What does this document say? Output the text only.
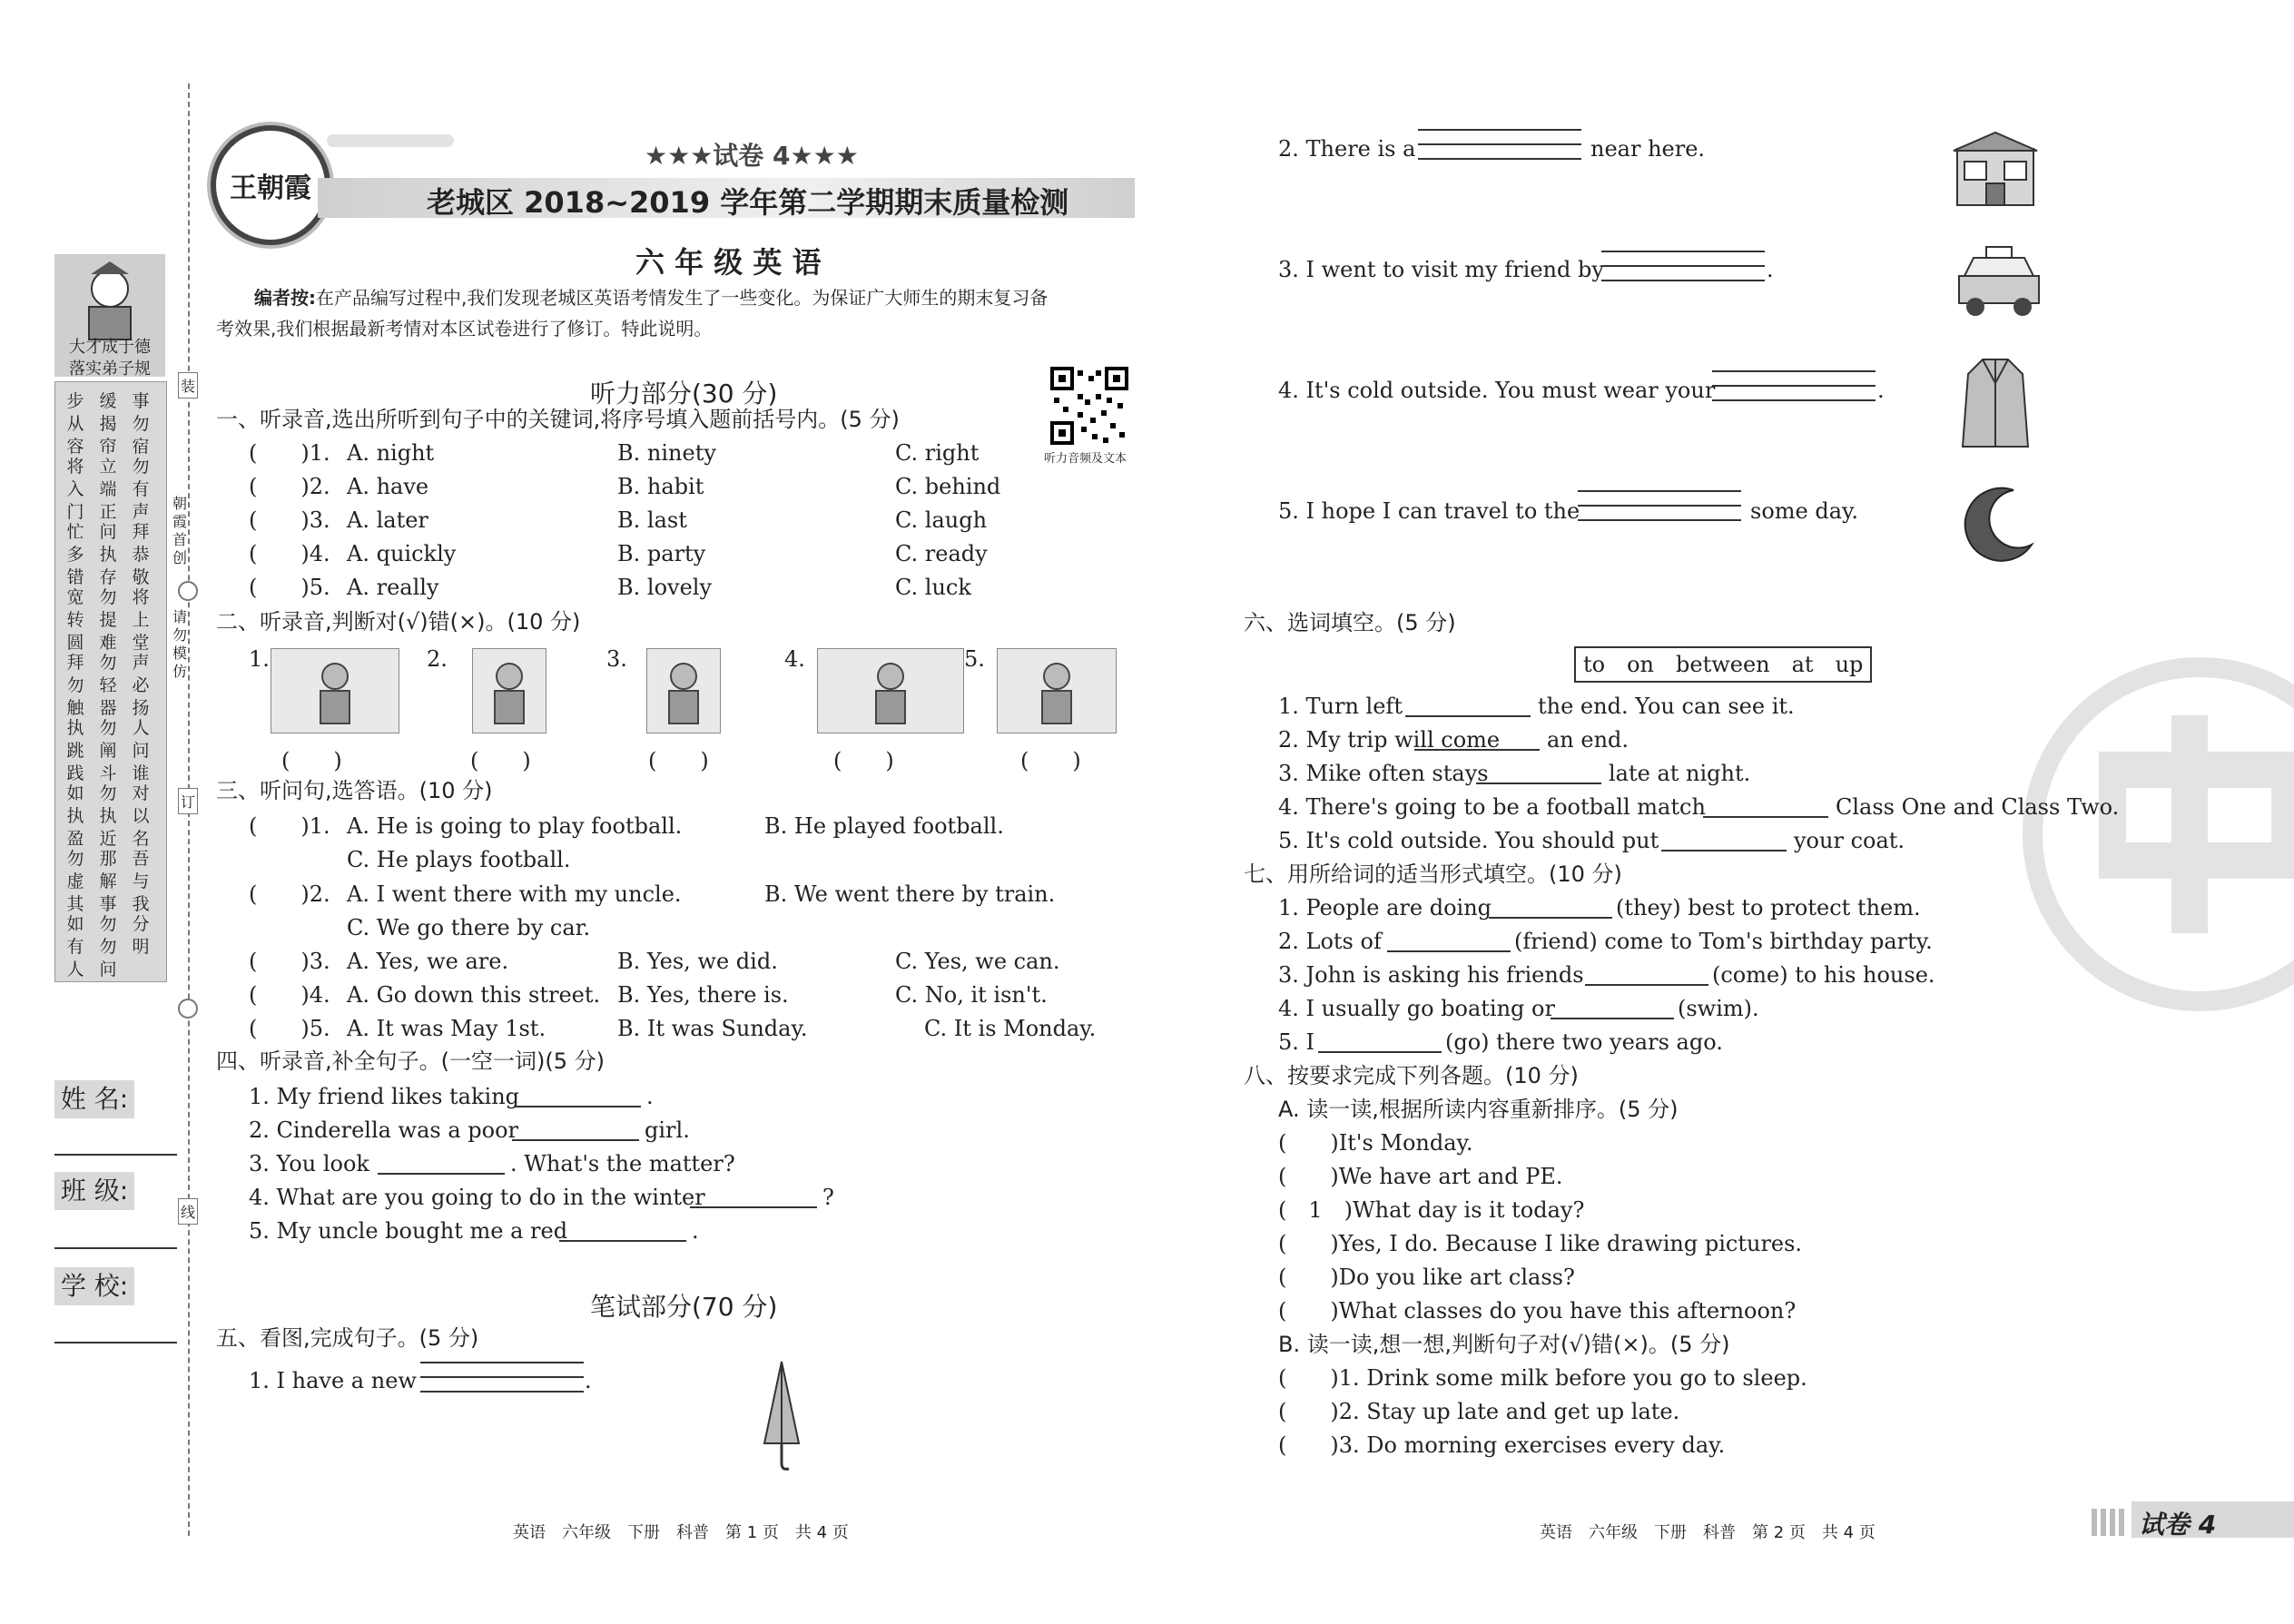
大才成于德
落实弟子规
步从容
缓揭帘
事勿宿
将入门
立端正
勿有声
忙多错
问执存
拜恭敬
宽转圆
勿提难
将上堂
拜勿触
勿轻器
声必扬
执跳践
勿阐斗
人问谁
如执盈
勿执近
对以名
勿虚其
那解事
吾与我
如有人
勿勿问
分明
装
订
线
朝霞首创
请勿模仿
姓 名:
班 级:
学 校:
王朝霞
★★★试卷 4★★★
老城区 2018~2019 学年第二学期期末质量检测
六 年 级 英 语
编者按:在产品编写过程中,我们发现老城区英语考情发生了一些变化。为保证广大师生的期末复习备
考效果,我们根据最新考情对本区试卷进行了修订。特此说明。
听力部分(30 分)
听力音频及文本
一、听录音,选出所听到句子中的关键词,将序号填入题前括号内。(5 分)
二、听录音,判断对(√)错(×)。(10 分)
三、听问句,选答语。(10 分)
(　　)1. A. He is going to play football.	B. He played football.
C. He plays football.
(　　)2. A. I went there with my uncle.	B. We went there by train.
C. We go there by car.
(　　)3. A. Yes, we are.	B. Yes, we did.	C. Yes, we can.
(　　)4. A. Go down this street. B. Yes, there is.	C. No, it isn't.
(　　)5. A. It was May 1st.	B. It was Sunday.	C. It is Monday.
四、听录音,补全句子。(一空一词)(5 分)
笔试部分(70 分)
五、看图,完成句子。(5 分)
1. I have a new	.
2. There is a	near here.
3. I went to visit my friend by	.
4. It's cold outside. You must wear your	.
5. I hope I can travel to the	some day.
六、选词填空。(5 分)
to　on　between　at　up
七、用所给词的适当形式填空。(10 分)
八、按要求完成下列各题。(10 分)
A. 读一读,根据所读内容重新排序。(5 分)
B. 读一读,想一想,判断句子对(√)错(×)。(5 分)
英语　六年级　下册　科普　第 1 页　共 4 页	英语　六年级　下册　科普　第 2 页　共 4 页	试卷 4
(　　)1. A. night	B. ninety	C. right
(　　)2. A. have	B. habit	C. behind
(　　)3. A. later	B. last	C. laugh
(　　)4. A. quickly	B. party	C. ready
(　　)5. A. really	B. lovely	C. luck
1.
(　　)
2.
(　　)
3.
(　　)
4.
(　　)
5.
(　　)
1. My friend likes taking	.
2. Cinderella was a poor	girl.
3. You look	. What's the matter?
4. What are you going to do in the winter	?
5. My uncle bought me a red	.
1. Turn left	the end. You can see it.
2. My trip will come an end.
3. Mike often stays	late at night.
4. There's going to be a football match	Class One and Class Two.
5. It's cold outside. You should put	your coat.
1. People are doing	(they) best to protect them.
2. Lots of	(friend) come to Tom's birthday party.
3. John is asking his friends	(come) to his house.
4. I usually go boating or	(swim).
5. I	(go) there two years ago.
(　　)It's Monday.
(　　)We have art and PE.
(　1　)What day is it today?
(　　)Yes, I do. Because I like drawing pictures.
(　　)Do you like art class?
(　　)What classes do you have this afternoon?
(　　)1. Drink some milk before you go to sleep.
(　　)2. Stay up late and get up late.
(　　)3. Do morning exercises every day.
